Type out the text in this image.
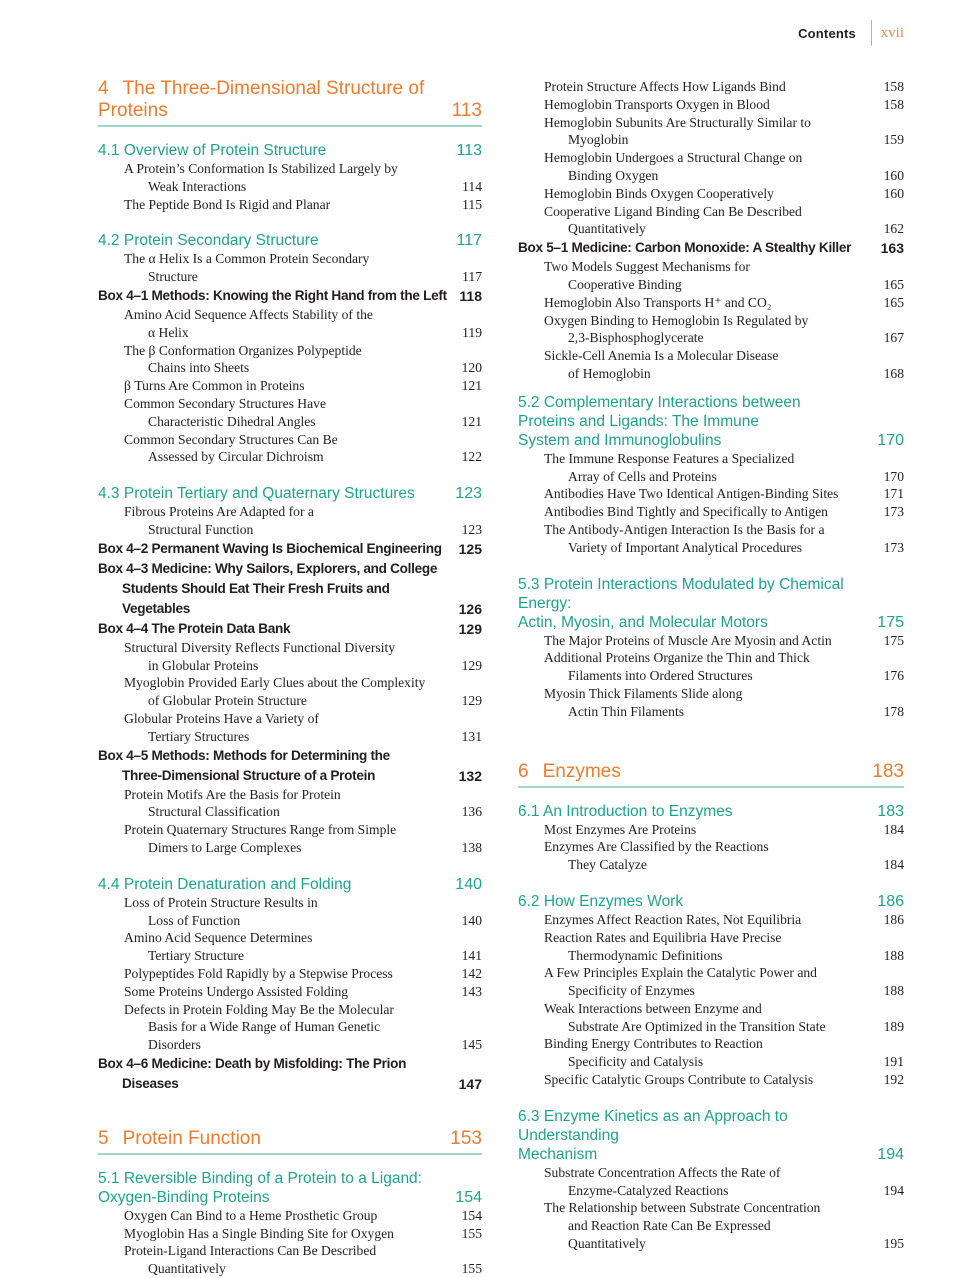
Contents	xvii
4 The Three-Dimensional Structure of Proteins	113
4.1 Overview of Protein Structure	113
A Protein’s Conformation Is Stabilized Largely by
Weak Interactions	114
The Peptide Bond Is Rigid and Planar	115
4.2 Protein Secondary Structure	117
The α Helix Is a Common Protein Secondary
Structure	117
Box 4–1 Methods: Knowing the Right Hand from the Left 118
Amino Acid Sequence Affects Stability of the
α Helix	119
The β Conformation Organizes Polypeptide
Chains into Sheets	120
β Turns Are Common in Proteins	121
Common Secondary Structures Have
Characteristic Dihedral Angles	121
Common Secondary Structures Can Be
Assessed by Circular Dichroism	122
4.3 Protein Tertiary and Quaternary Structures	123
Fibrous Proteins Are Adapted for a
Structural Function	123
Box 4–2 Permanent Waving Is Biochemical Engineering	125
Box 4–3 Medicine: Why Sailors, Explorers, and College
Students Should Eat Their Fresh Fruits and Vegetables	126
Box 4–4 The Protein Data Bank	129
Structural Diversity Reflects Functional Diversity
in Globular Proteins	129
Myoglobin Provided Early Clues about the Complexity
of Globular Protein Structure	129
Globular Proteins Have a Variety of
Tertiary Structures	131
Box 4–5 Methods: Methods for Determining the
Three-Dimensional Structure of a Protein	132
Protein Motifs Are the Basis for Protein
Structural Classification	136
Protein Quaternary Structures Range from Simple
Dimers to Large Complexes	138
4.4 Protein Denaturation and Folding	140
Loss of Protein Structure Results in
Loss of Function	140
Amino Acid Sequence Determines
Tertiary Structure	141
Polypeptides Fold Rapidly by a Stepwise Process	142
Some Proteins Undergo Assisted Folding	143
Defects in Protein Folding May Be the Molecular
Basis for a Wide Range of Human Genetic
Disorders	145
Box 4–6 Medicine: Death by Misfolding: The Prion Diseases	147
5 Protein Function	153
5.1 Reversible Binding of a Protein to a Ligand:
Oxygen-Binding Proteins	154
Oxygen Can Bind to a Heme Prosthetic Group	154
Myoglobin Has a Single Binding Site for Oxygen	155
Protein-Ligand Interactions Can Be Described
Quantitatively	155
Protein Structure Affects How Ligands Bind	158
Hemoglobin Transports Oxygen in Blood	158
Hemoglobin Subunits Are Structurally Similar to
Myoglobin	159
Hemoglobin Undergoes a Structural Change on
Binding Oxygen	160
Hemoglobin Binds Oxygen Cooperatively	160
Cooperative Ligand Binding Can Be Described
Quantitatively	162
Box 5–1 Medicine: Carbon Monoxide: A Stealthy Killer	163
Two Models Suggest Mechanisms for
Cooperative Binding	165
Hemoglobin Also Transports H⁺ and CO₂	165
Oxygen Binding to Hemoglobin Is Regulated by
2,3-Bisphosphoglycerate	167
Sickle-Cell Anemia Is a Molecular Disease
of Hemoglobin	168
5.2 Complementary Interactions between
Proteins and Ligands: The Immune
System and Immunoglobulins	170
The Immune Response Features a Specialized
Array of Cells and Proteins	170
Antibodies Have Two Identical Antigen-Binding Sites	171
Antibodies Bind Tightly and Specifically to Antigen	173
The Antibody-Antigen Interaction Is the Basis for a
Variety of Important Analytical Procedures	173
5.3 Protein Interactions Modulated by Chemical Energy:
Actin, Myosin, and Molecular Motors	175
The Major Proteins of Muscle Are Myosin and Actin	175
Additional Proteins Organize the Thin and Thick
Filaments into Ordered Structures	176
Myosin Thick Filaments Slide along
Actin Thin Filaments	178
6 Enzymes	183
6.1 An Introduction to Enzymes	183
Most Enzymes Are Proteins	184
Enzymes Are Classified by the Reactions
They Catalyze	184
6.2 How Enzymes Work	186
Enzymes Affect Reaction Rates, Not Equilibria	186
Reaction Rates and Equilibria Have Precise
Thermodynamic Definitions	188
A Few Principles Explain the Catalytic Power and
Specificity of Enzymes	188
Weak Interactions between Enzyme and
Substrate Are Optimized in the Transition State	189
Binding Energy Contributes to Reaction
Specificity and Catalysis	191
Specific Catalytic Groups Contribute to Catalysis	192
6.3 Enzyme Kinetics as an Approach to Understanding
Mechanism	194
Substrate Concentration Affects the Rate of
Enzyme-Catalyzed Reactions	194
The Relationship between Substrate Concentration
and Reaction Rate Can Be Expressed
Quantitatively	195
